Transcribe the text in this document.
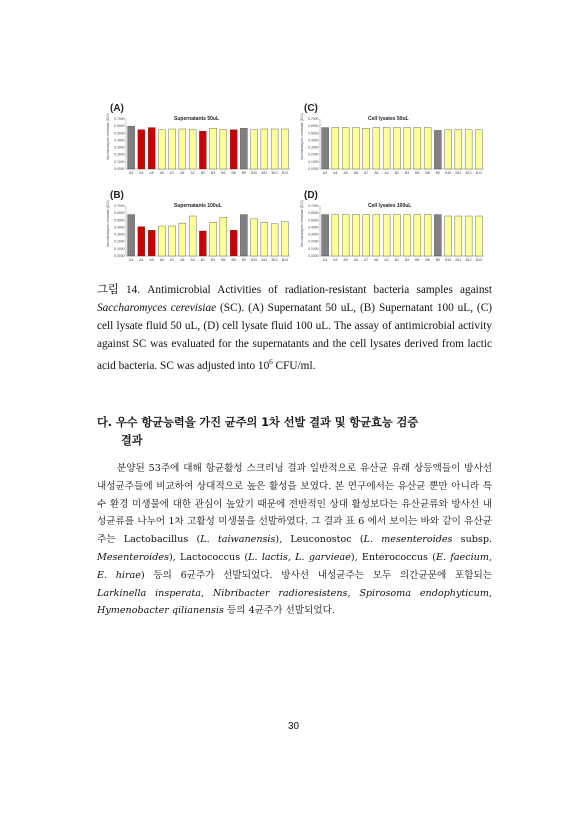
(A)
Supernatants 50uL
Saccharomyces cerevisiae (O.D) 0.7000
0.6000
0.5000
0.4000
0.3000
0.2000
0.1000
0.0000
A3 A4 A5 A6 A7 A8 A2 B2 B3 B5 B8 B9 B10 B11 B12 B13
(C)
Cell lysates 50uL
Saccharomyces cerevisiae (O.D) 0.7000
0.6000
0.5000
0.4000
0.3000
0.2000
0.1000
0.0000
A3 A4 A5 A6 A7 A8 A2 B2 B3 B5 B8 B9 B10 B11 B12 B13
(B)
Supernatants 100uL
Saccharomyces cerevisiae (O.D) 0.7000
0.6000
0.5000
0.4000
0.3000
0.2000
0.1000
0.0000
A3 A4 A5 A6 A7 A8 A2 B2 B3 B5 B8 B9 B10 B11 B12 B13
(D)
Cell lysates 100uL
Saccharomyces cerevisiae (O.D) 0.7000
0.6000
0.5000
0.4000
0.3000
0.2000
0.1000
0.0000
A3 A4 A5 A6 A7 A8 A2 B2 B3 B5 B8 B9 B10 B11 B12 B13
그림 14. Antimicrobial Activities of radiation-resistant bacteria samples against Saccharomyces cerevisiae (SC). (A) Supernatant 50 uL, (B) Supernatant 100 uL, (C) cell lysate fluid 50 uL, (D) cell lysate fluid 100 uL. The assay of antimicrobial activity against SC was evaluated for the supernatants and the cell lysates derived from lactic acid bacteria. SC was adjusted into $10^6$ CFU/ml.
다. 우수 항균능력을 가진 균주의 1차 선발 결과 및 항균효능 검증
결과
분양된 53주에 대해 항균활성 스크리닝 결과 일반적으로 유산균 유래 상등액들이 방사선 내성균주들에 비교하여 상대적으로 높은 활성을 보였다. 본 연구에서는 유산균 뿐만 아니라 특수 환경 미생물에 대한 관심이 높았기 때문에 전반적인 상대 활성보다는 유산균류와 방사선 내성균류를 나누어 1차 고활성 미생물을 선발하였다. 그 결과 표 6 에서 보이는 바와 같이 유산균주는 Lactobacillus (L. taiwanensis), Leuconostoc (L. mesenteroides subsp. Mesenteroides), Lactococcus (L. lactis, L. garvieae), Enterococcus (E. faecium, E. hirae) 등의 6균주가 선발되었다. 방사선 내성균주는 모두 의간균문에 포함되는 Larkinella insperata, Nibribacter radioresistens, Spirosoma endophyticum, Hymenobacter qilianensis 등의 4균주가 선발되었다.
30
